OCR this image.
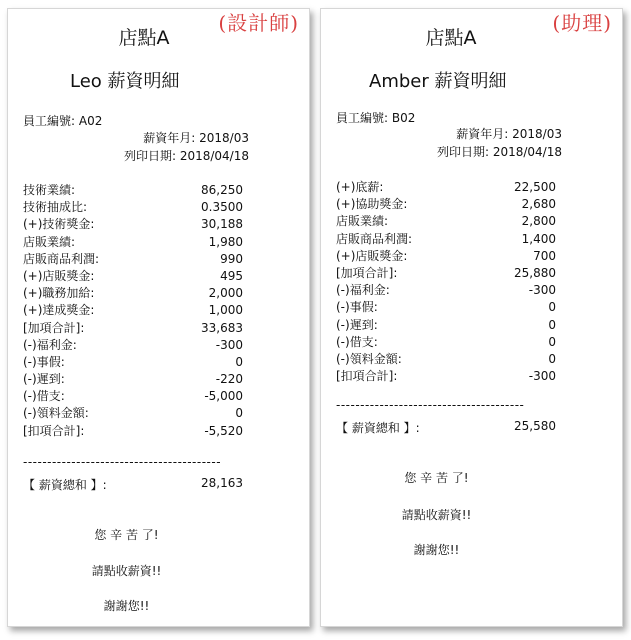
(設計師)
店點A
Leo 薪資明細
員工編號: A02
薪資年月: 2018/03
列印日期: 2018/04/18
技術業績:	86,250
技術抽成比:	0.3500
(+)技術獎金:	30,188
店販業績:	1,980
店販商品利潤:	990
(+)店販獎金:	495
(+)職務加給:	2,000
(+)達成獎金:	1,000
[加項合計]:	33,683
(-)福利金:	-300
(-)事假:	0
(-)遲到:	-220
(-)借支:	-5,000
(-)領料金額:	0
[扣項合計]:	-5,520
-----------------------------------------
【 薪資總和 】:	28,163
您 辛 苦 了!
請點收薪資!!
謝謝您!!
(助理)
店點A
Amber 薪資明細
員工編號: B02
薪資年月: 2018/03
列印日期: 2018/04/18
(+)底薪:	22,500
(+)協助獎金:	2,680
店販業績:	2,800
店販商品利潤:	1,400
(+)店販獎金:	700
[加項合計]:	25,880
(-)福利金:	-300
(-)事假:	0
(-)遲到:	0
(-)借支:	0
(-)領料金額:	0
[扣項合計]:	-300
---------------------------------------
【 薪資總和 】:	25,580
您 辛 苦 了!
請點收薪資!!
謝謝您!!
